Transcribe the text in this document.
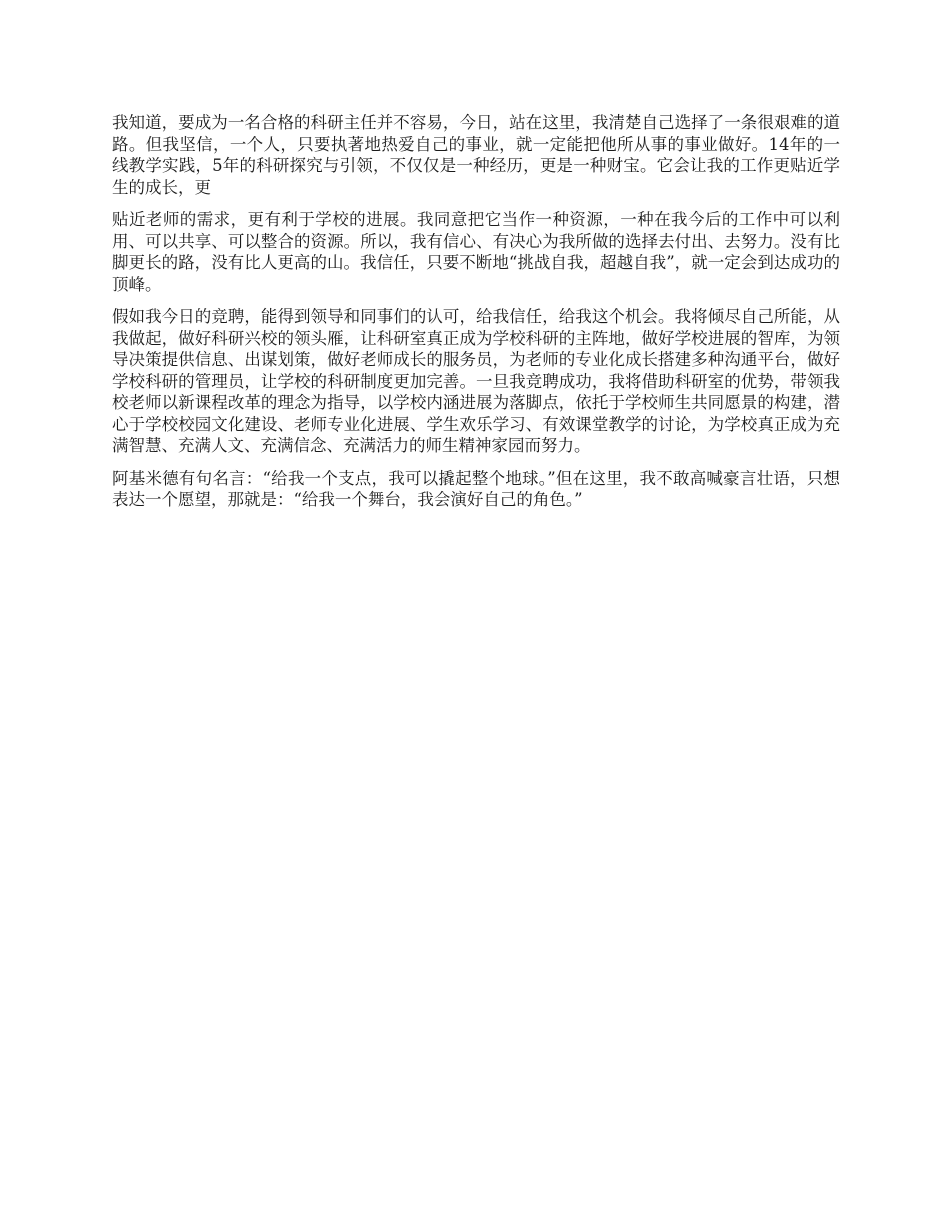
我知道，要成为一名合格的科研主任并不容易，今日，站在这里，我清楚自己选择了一条很艰难的道路。但我坚信，一个人，只要执著地热爱自己的事业，就一定能把他所从事的事业做好。14年的一线教学实践，5年的科研探究与引领，不仅仅是一种经历，更是一种财宝。它会让我的工作更贴近学生的成长，更

贴近老师的需求，更有利于学校的进展。我同意把它当作一种资源，一种在我今后的工作中可以利用、可以共享、可以整合的资源。所以，我有信心、有决心为我所做的选择去付出、去努力。没有比脚更长的路，没有比人更高的山。我信任，只要不断地“挑战自我，超越自我”，就一定会到达成功的顶峰。

假如我今日的竞聘，能得到领导和同事们的认可，给我信任，给我这个机会。我将倾尽自己所能，从我做起，做好科研兴校的领头雁，让科研室真正成为学校科研的主阵地，做好学校进展的智库，为领导决策提供信息、出谋划策，做好老师成长的服务员，为老师的专业化成长搭建多种沟通平台，做好学校科研的管理员，让学校的科研制度更加完善。一旦我竞聘成功，我将借助科研室的优势，带领我校老师以新课程改革的理念为指导，以学校内涵进展为落脚点，依托于学校师生共同愿景的构建，潜心于学校校园文化建设、老师专业化进展、学生欢乐学习、有效课堂教学的讨论，为学校真正成为充满智慧、充满人文、充满信念、充满活力的师生精神家园而努力。

阿基米德有句名言：“给我一个支点，我可以撬起整个地球。”但在这里，我不敢高喊豪言壮语，只想表达一个愿望，那就是：“给我一个舞台，我会演好自己的角色。”
